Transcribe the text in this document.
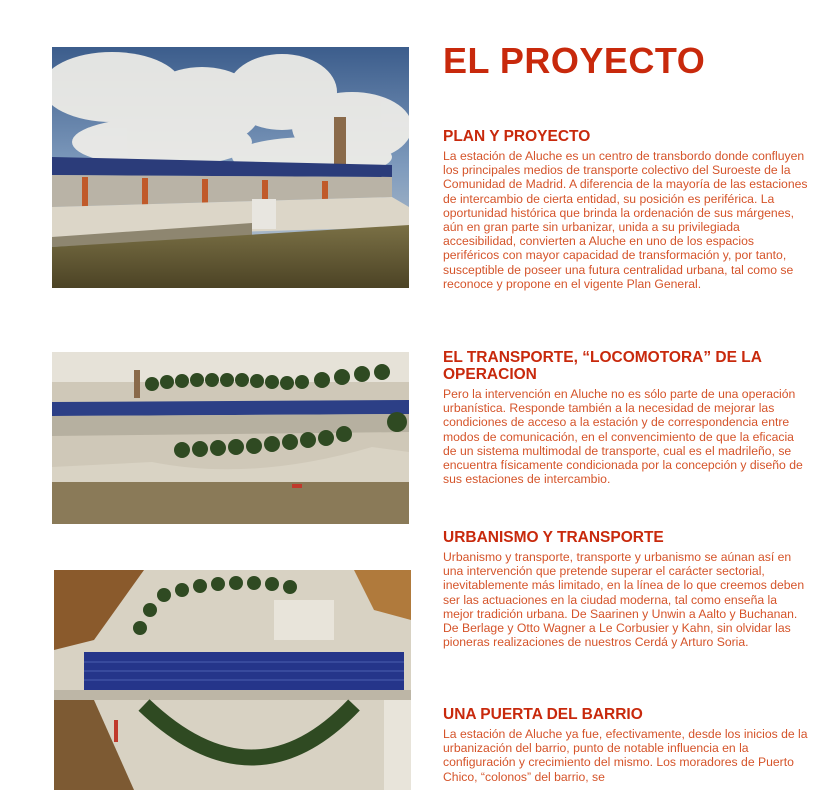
EL PROYECTO
PLAN Y PROYECTO

La estación de Aluche es un centro de transbordo donde confluyen los principales medios de transporte colectivo del Suroeste de la Comunidad de Madrid. A diferencia de la mayoría de las estaciones de intercambio de cierta entidad, su posición es periférica. La oportunidad histórica que brinda la ordenación de sus márgenes, aún en gran parte sin urbanizar, unida a su privilegiada accesibilidad, convierten a Aluche en uno de los espacios periféricos con mayor capacidad de transformación y, por tanto, susceptible de poseer una futura centralidad urbana, tal como se reconoce y propone en el vigente Plan General.

EL TRANSPORTE, “LOCOMOTORA” DE LA OPERACION

Pero la intervención en Aluche no es sólo parte de una operación urbanística. Responde también a la necesidad de mejorar las condiciones de acceso a la estación y de correspondencia entre modos de comunicación, en el convencimiento de que la eficacia de un sistema multimodal de transporte, cual es el madrileño, se encuentra físicamente condicionada por la concepción y diseño de sus estaciones de intercambio.

URBANISMO Y TRANSPORTE

Urbanismo y transporte, transporte y urbanismo se aúnan así en una intervención que pretende superar el carácter sectorial, inevitablemente más limitado, en la línea de lo que creemos deben ser las actuaciones en la ciudad moderna, tal como enseña la mejor tradición urbana. De Saarinen y Unwin a Aalto y Buchanan. De Berlage y Otto Wagner a Le Corbusier y Kahn, sin olvidar las pioneras realizaciones de nuestros Cerdá y Arturo Soria.

UNA PUERTA DEL BARRIO

La estación de Aluche ya fue, efectivamente, desde los inicios de la urbanización del barrio, punto de notable influencia en la configuración y crecimiento del mismo. Los moradores de Puerto Chico, “colonos” del barrio, se
